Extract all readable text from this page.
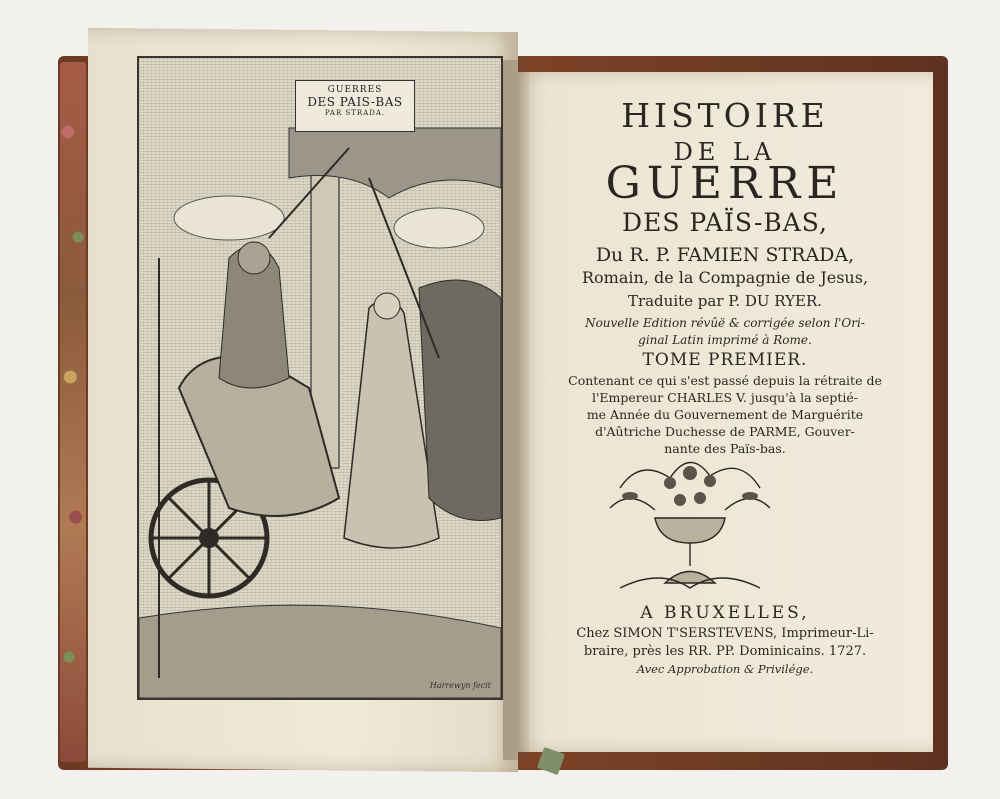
GUERRES
DES PAIS-BAS
PAR STRADA.
Harrewyn fecit
HISTOIRE
DE LA
GUERRE
DES PAÏS-BAS,
Du R. P. FAMIEN STRADA,
Romain, de la Compagnie de Jesus,
Traduite par P. DU RYER.
Nouvelle Edition révûë & corrigée selon l'Ori-
ginal Latin imprimé à Rome.
TOME PREMIER.
Contenant ce qui s'est passé depuis la rétraite de
l'Empereur CHARLES V. jusqu'à la septié-
me Année du Gouvernement de Marguérite
d'Aûtriche Duchesse de PARME, Gouver-
nante des Païs-bas.
A BRUXELLES,
Chez SIMON T'SERSTEVENS, Imprimeur-Li-
braire, près les RR. PP. Dominicains. 1727.
Avec Approbation & Privilége.
